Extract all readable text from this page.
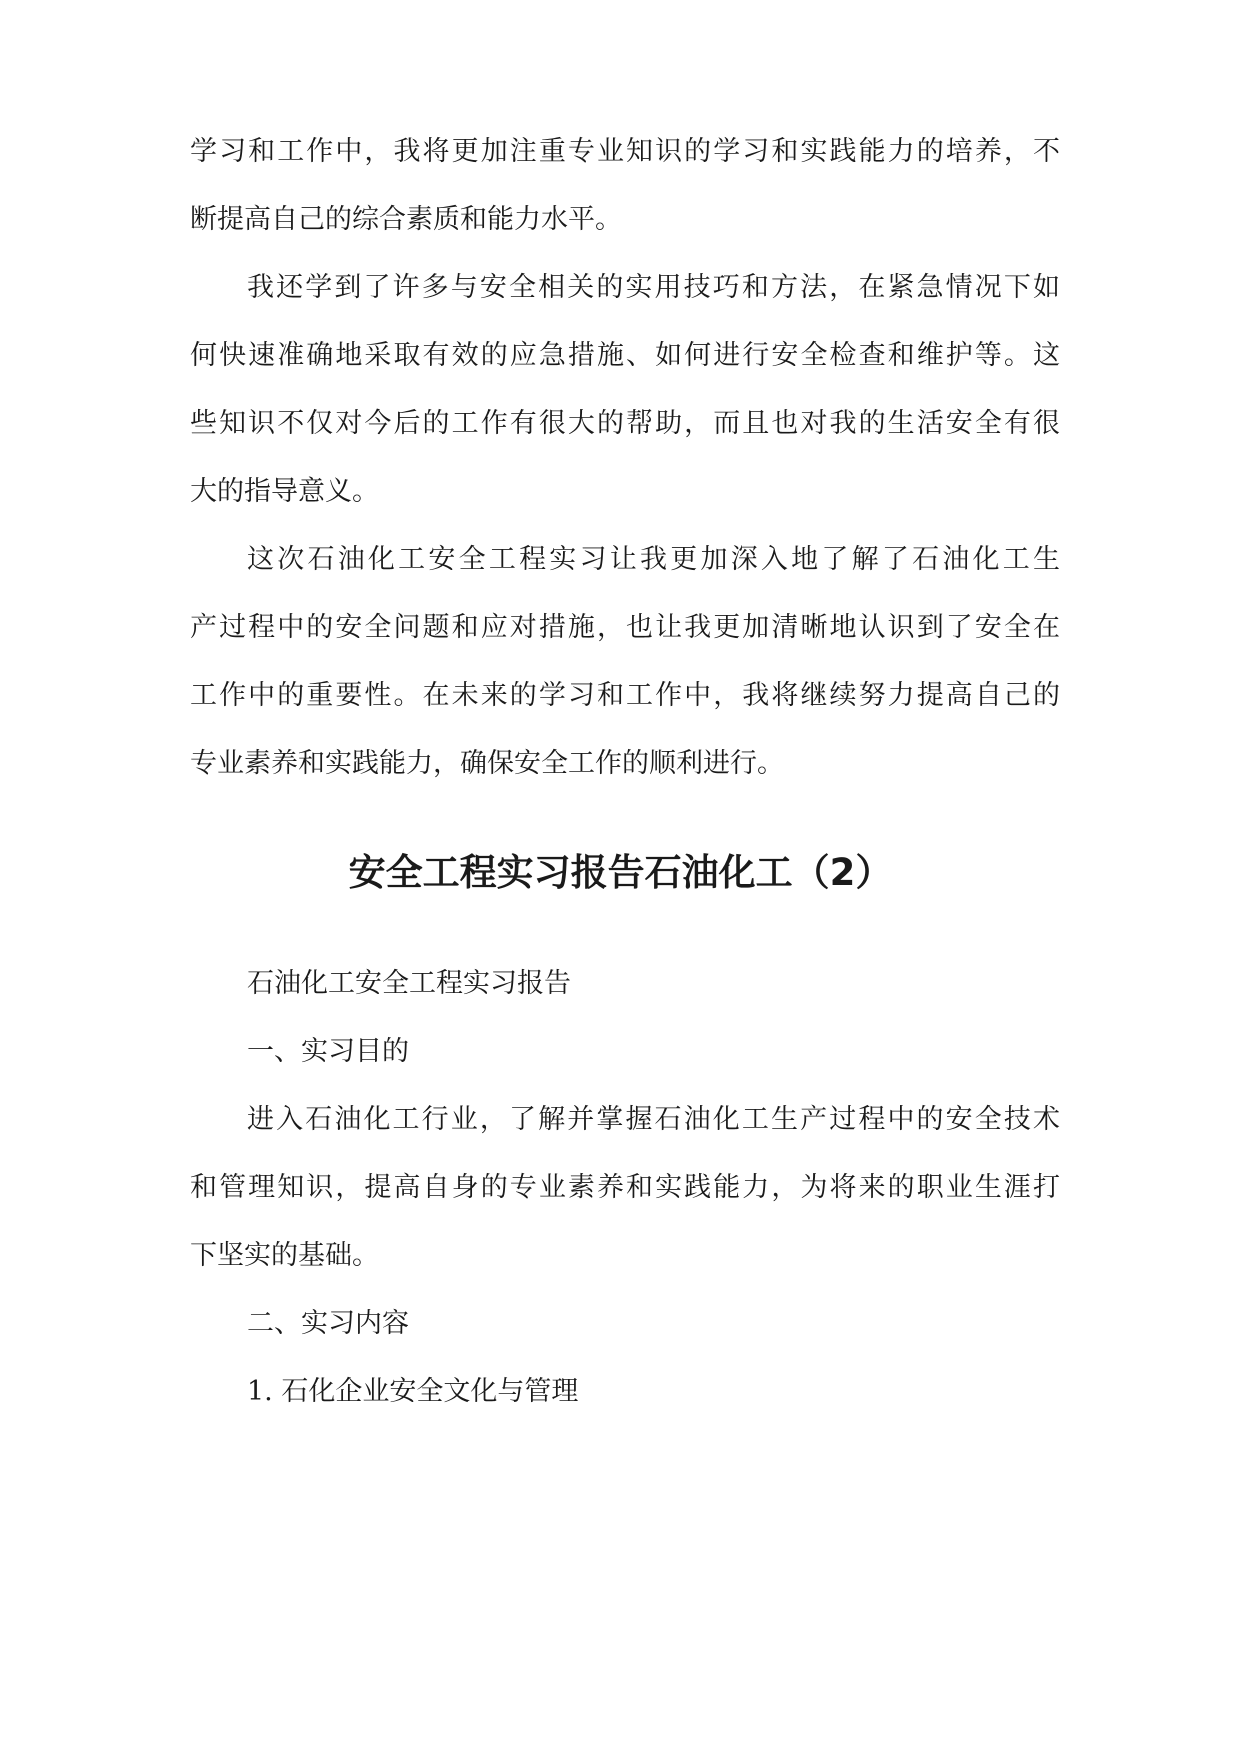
学习和工作中，我将更加注重专业知识的学习和实践能力的培养，不
断提高自己的综合素质和能力水平。
我还学到了许多与安全相关的实用技巧和方法，在紧急情况下如
何快速准确地采取有效的应急措施、如何进行安全检查和维护等。这
些知识不仅对今后的工作有很大的帮助，而且也对我的生活安全有很
大的指导意义。
这次石油化工安全工程实习让我更加深入地了解了石油化工生
产过程中的安全问题和应对措施，也让我更加清晰地认识到了安全在
工作中的重要性。在未来的学习和工作中，我将继续努力提高自己的
专业素养和实践能力，确保安全工作的顺利进行。
安全工程实习报告石油化工（2）
石油化工安全工程实习报告
一、实习目的
进入石油化工行业，了解并掌握石油化工生产过程中的安全技术
和管理知识，提高自身的专业素养和实践能力，为将来的职业生涯打
下坚实的基础。
二、实习内容
1. 石化企业安全文化与管理
